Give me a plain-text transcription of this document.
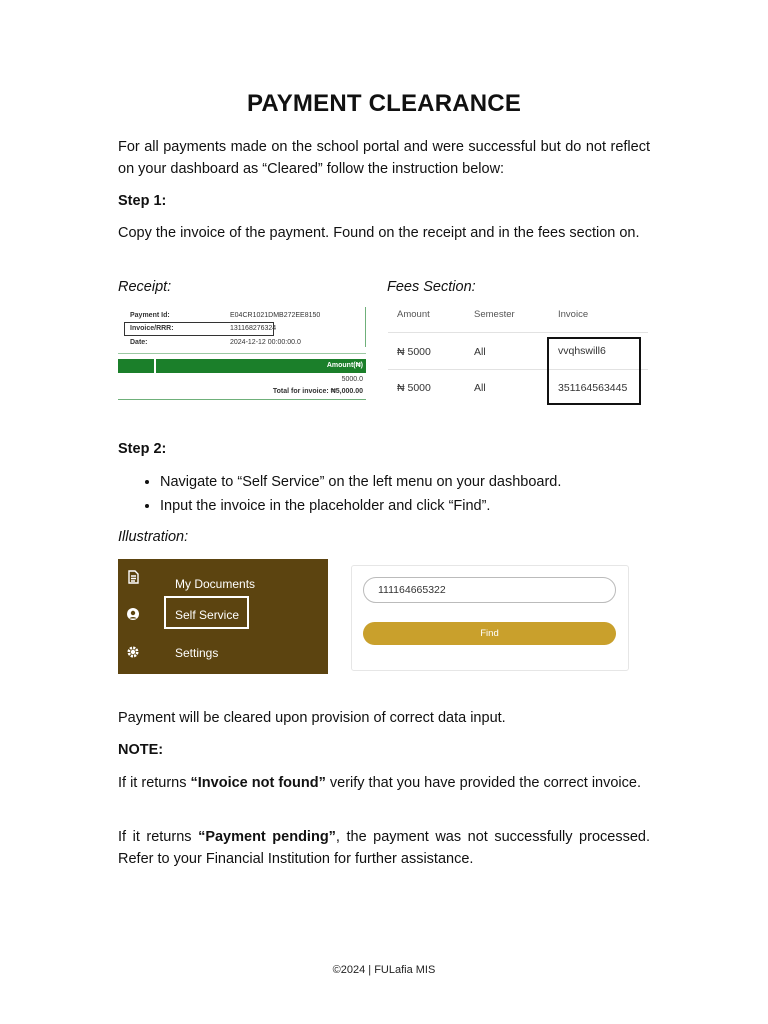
PAYMENT CLEARANCE
For all payments made on the school portal and were successful but do not reflect on your dashboard as “Cleared” follow the instruction below:
Step 1:
Copy the invoice of the payment. Found on the receipt and in the fees section on.
Receipt:	Fees Section:
Payment Id:	E04CR1021DMB272EE8150
Invoice/RRR:	131168276324
Date:	2024-12-12 00:00:00.0
Amount(₦)
5000.0
Total for invoice: ₦5,000.00
Amount	Semester	Invoice
₦ 5000	All	vvqhswill6
₦ 5000	All	351164563445
Step 2:
• Navigate to “Self Service” on the left menu on your dashboard.
• Input the invoice in the placeholder and click “Find”.
Illustration:
My Documents
Self Service
Settings
111164665322
Find
Payment will be cleared upon provision of correct data input.
NOTE:
If it returns “Invoice not found” verify that you have provided the correct invoice.
If it returns “Payment pending”, the payment was not successfully processed. Refer to your Financial Institution for further assistance.
©2024 | FULafia MIS
